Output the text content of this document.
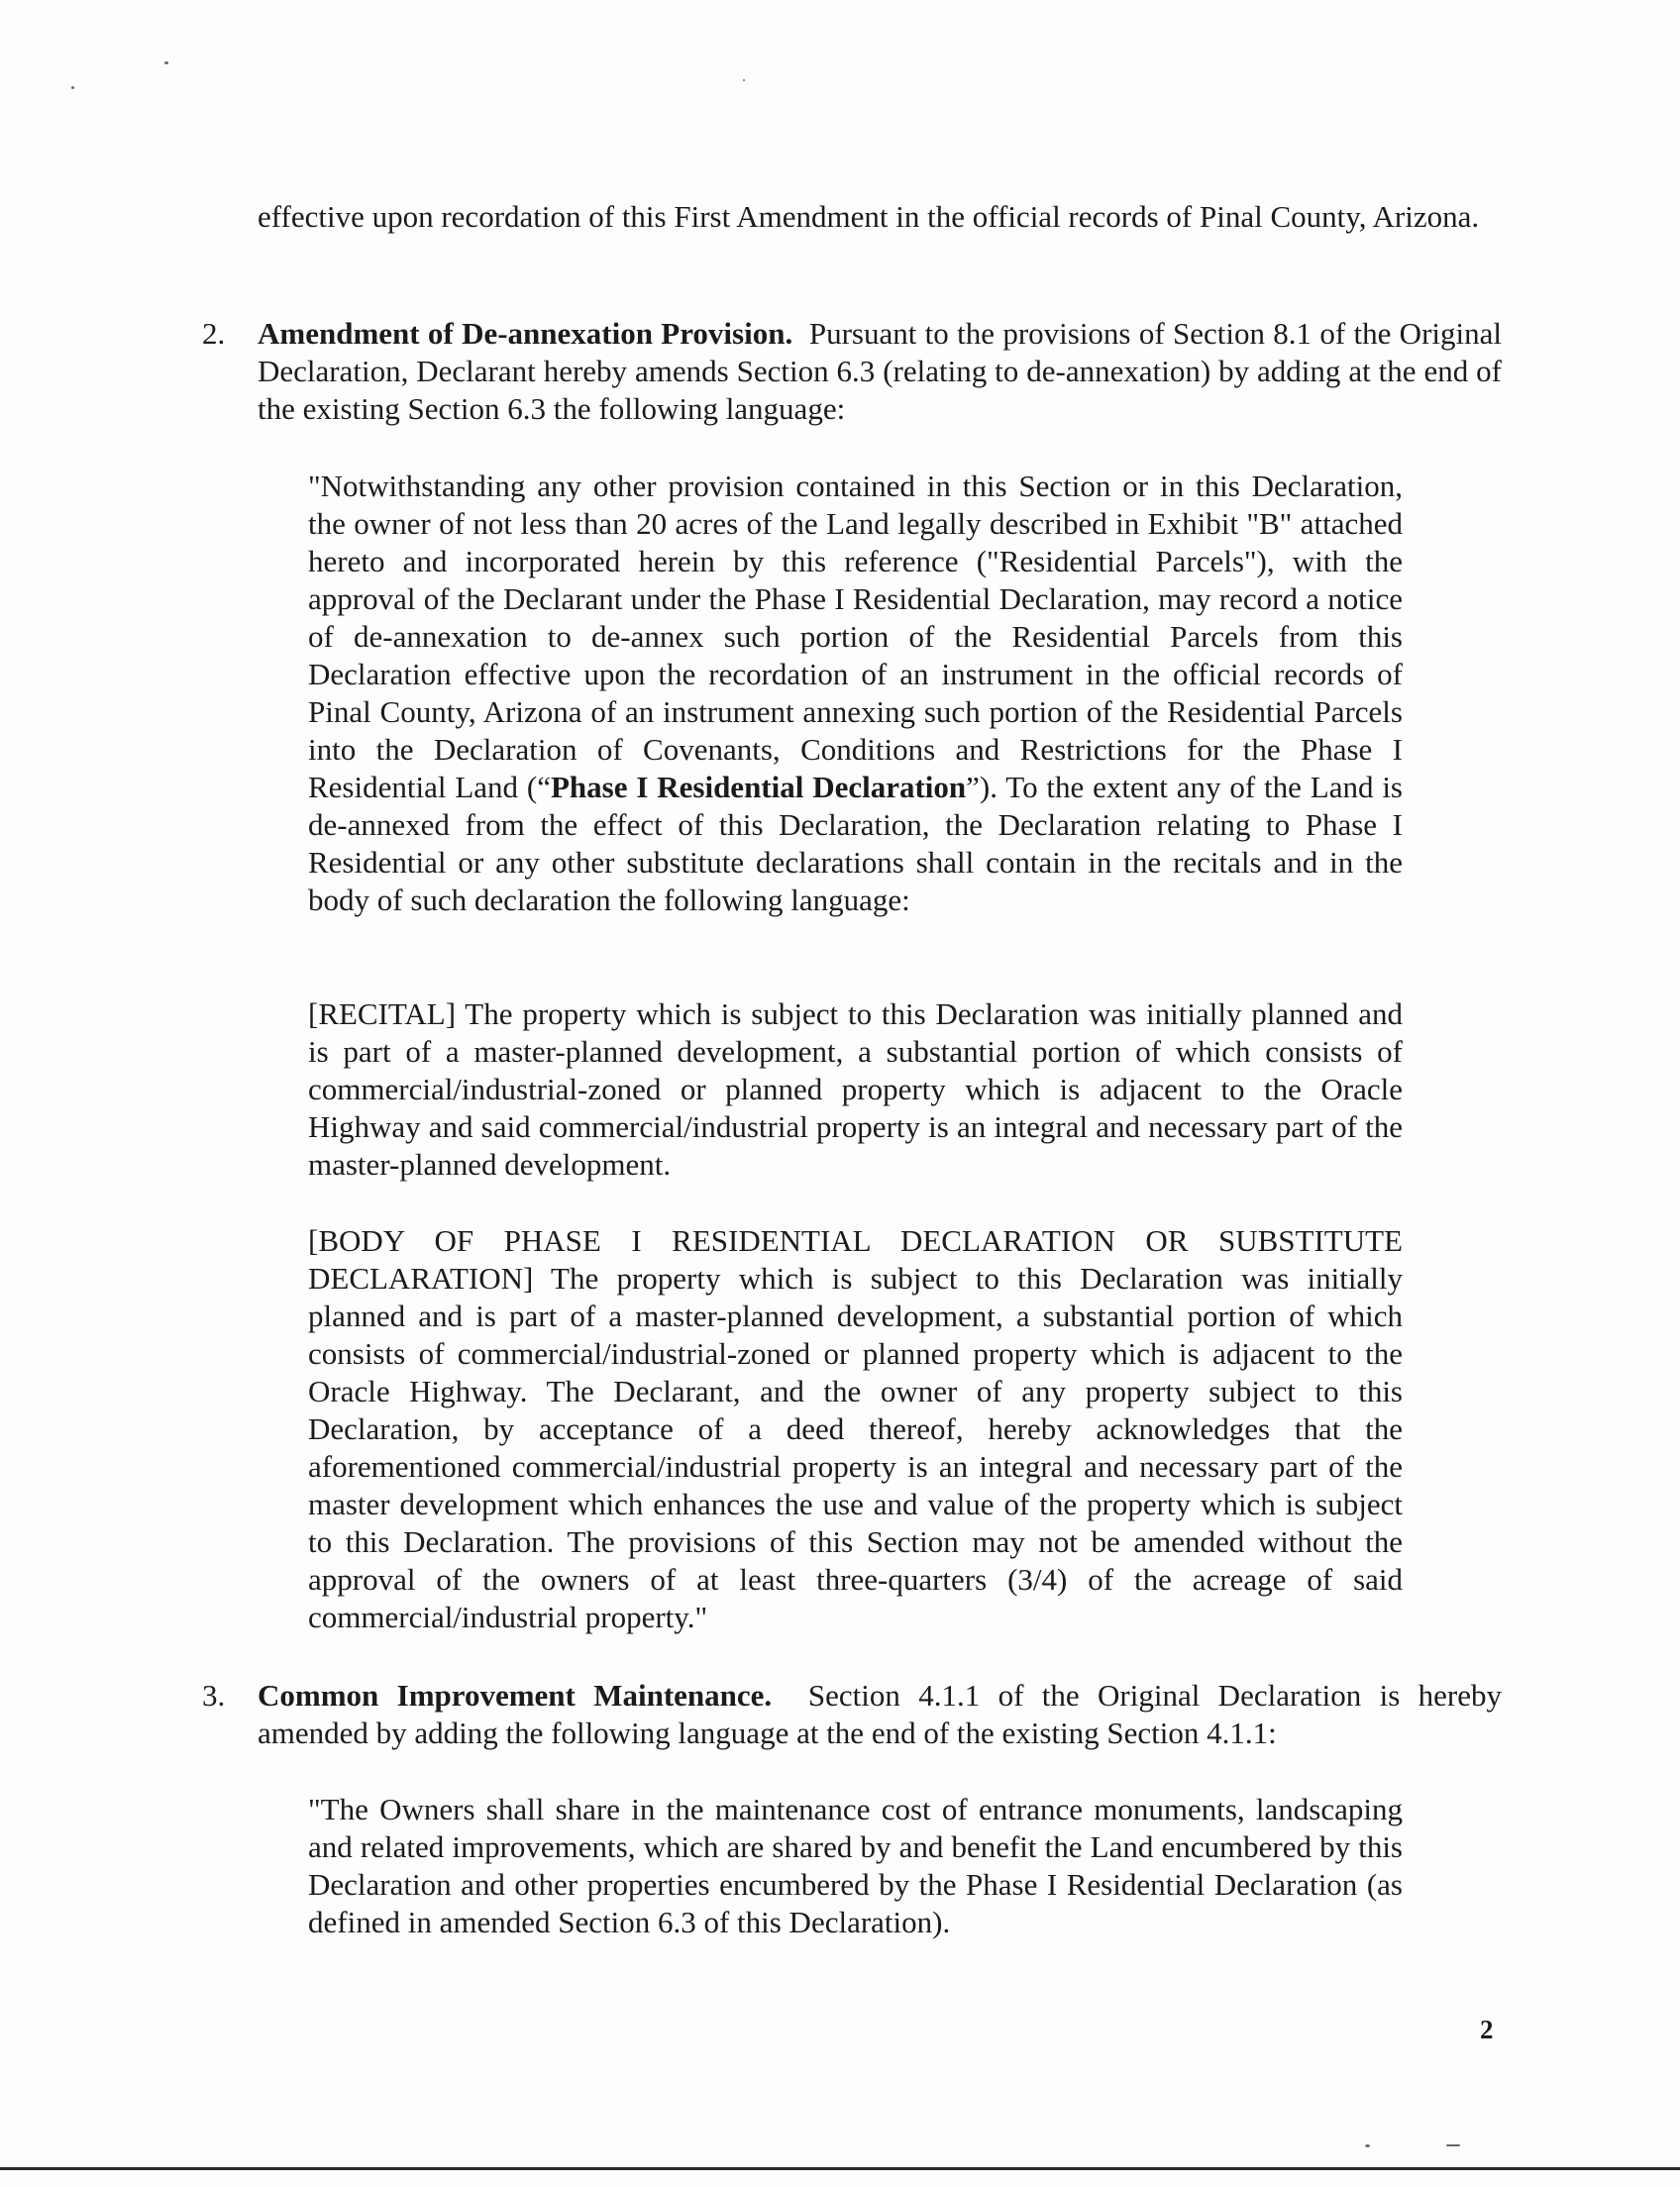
effective upon recordation of this First Amendment in the official records of Pinal County, Arizona.

2.	Amendment of De-annexation Provision. Pursuant to the provisions of Section 8.1 of the Original Declaration, Declarant hereby amends Section 6.3 (relating to de-annexation) by adding at the end of the existing Section 6.3 the following language:

"Notwithstanding any other provision contained in this Section or in this Declaration, the owner of not less than 20 acres of the Land legally described in Exhibit "B" attached hereto and incorporated herein by this reference ("Residential Parcels"), with the approval of the Declarant under the Phase I Residential Declaration, may record a notice of de-annexation to de-annex such portion of the Residential Parcels from this Declaration effective upon the recordation of an instrument in the official records of Pinal County, Arizona of an instrument annexing such portion of the Residential Parcels into the Declaration of Covenants, Conditions and Restrictions for the Phase I Residential Land (“Phase I Residential Declaration”). To the extent any of the Land is de-annexed from the effect of this Declaration, the Declaration relating to Phase I Residential or any other substitute declarations shall contain in the recitals and in the body of such declaration the following language:

[RECITAL] The property which is subject to this Declaration was initially planned and is part of a master-planned development, a substantial portion of which consists of commercial/industrial-zoned or planned property which is adjacent to the Oracle Highway and said commercial/industrial property is an integral and necessary part of the master-planned development.

[BODY OF PHASE I RESIDENTIAL DECLARATION OR SUBSTITUTE DECLARATION] The property which is subject to this Declaration was initially planned and is part of a master-planned development, a substantial portion of which consists of commercial/industrial-zoned or planned property which is adjacent to the Oracle Highway. The Declarant, and the owner of any property subject to this Declaration, by acceptance of a deed thereof, hereby acknowledges that the aforementioned commercial/industrial property is an integral and necessary part of the master development which enhances the use and value of the property which is subject to this Declaration. The provisions of this Section may not be amended without the approval of the owners of at least three-quarters (3/4) of the acreage of said commercial/industrial property."

3.	Common Improvement Maintenance. Section 4.1.1 of the Original Declaration is hereby amended by adding the following language at the end of the existing Section 4.1.1:

"The Owners shall share in the maintenance cost of entrance monuments, landscaping and related improvements, which are shared by and benefit the Land encumbered by this Declaration and other properties encumbered by the Phase I Residential Declaration (as defined in amended Section 6.3 of this Declaration).

2
